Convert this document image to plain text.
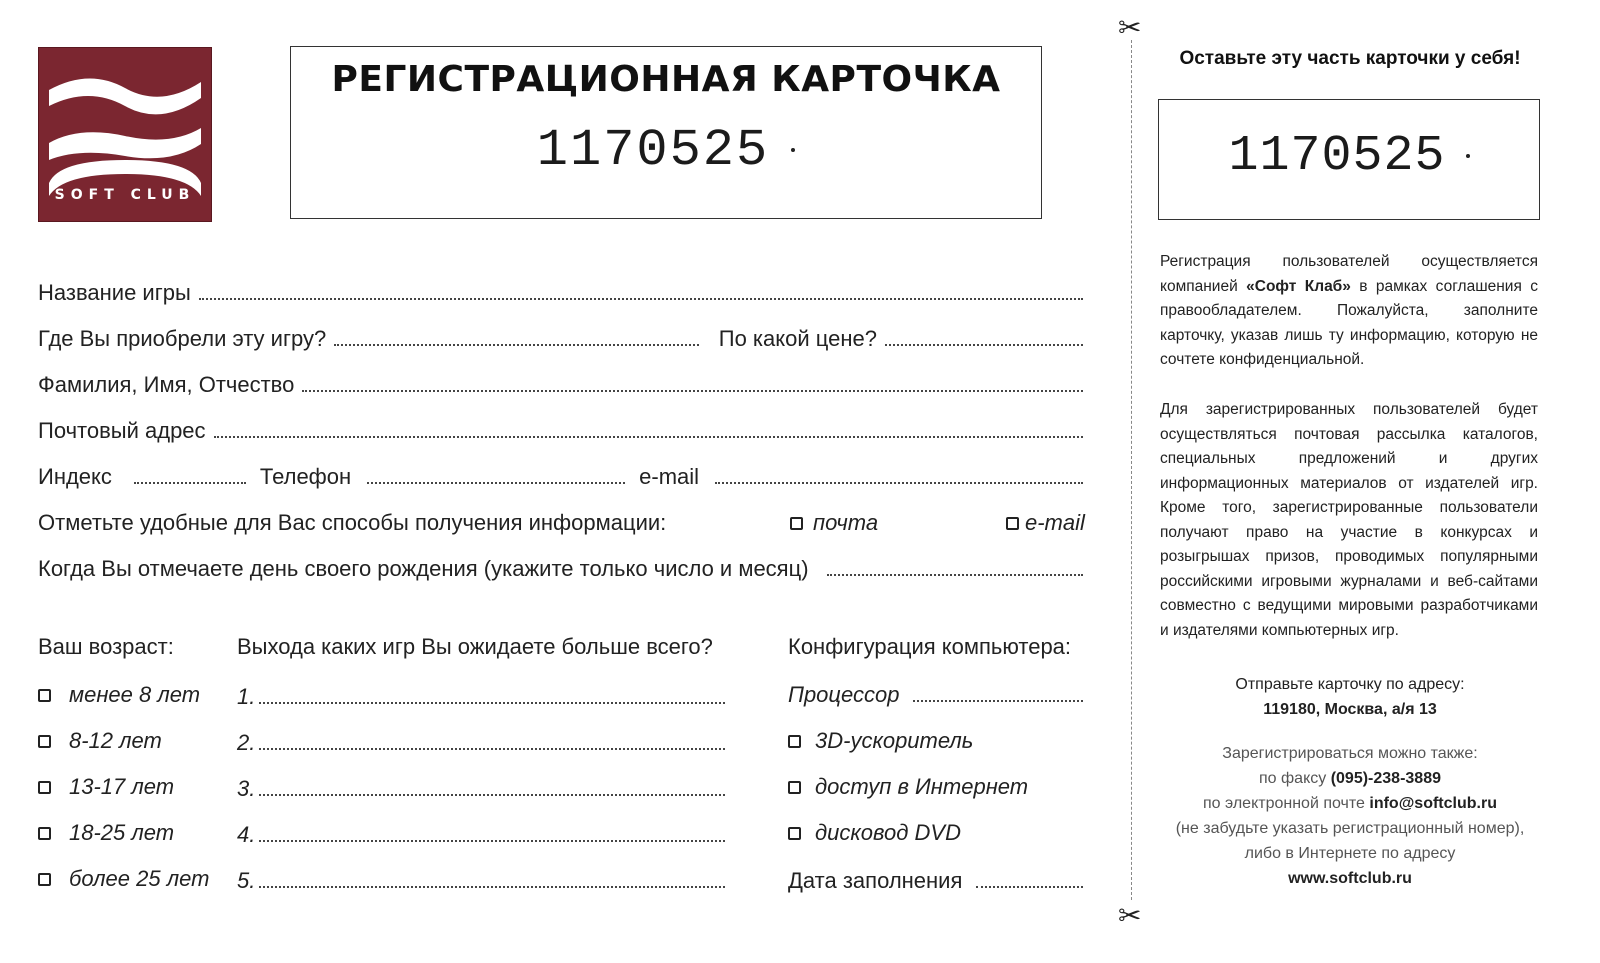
SOFT CLUB
РЕГИСТРАЦИОННАЯ КАРТОЧКА
1170525
Название игры
Где Вы приобрели эту игру?	По какой цене?
Фамилия, Имя, Отчество
Почтовый адрес
Индекс	Телефон	e-mail
Отметьте удобные для Вас способы получения информации:	почта	e-mail
Когда Вы отмечаете день своего рождения (укажите только число и месяц)
Ваш возраст:
менее 8 лет
8-12 лет
13-17 лет
18-25 лет
более 25 лет
Выхода каких игр Вы ожидаете больше всего?
1.
2.
3.
4.
5.
Конфигурация компьютера:
Процессор
3D-ускоритель
доступ в Интернет
дисковод DVD
Дата заполнения
✂
✂
Оставьте эту часть карточки у себя!
1170525
Регистрация пользователей осуществляется компанией «Софт Клаб» в рамках соглашения с правообладателем. Пожалуйста, заполните карточку, указав лишь ту информацию, которую не сочтете конфиденциальной.
Для зарегистрированных пользователей будет осуществляться почтовая рассылка каталогов, специальных предложений и других информационных материалов от издателей игр. Кроме того, зарегистрированные пользователи получают право на участие в конкурсах и розыгрышах призов, проводимых популярными российскими игровыми журналами и веб-сайтами совместно с ведущими мировыми разработчиками и издателями компьютерных игр.
Отправьте карточку по адресу:
119180, Москва, а/я 13
Зарегистрироваться можно также:
по факсу (095)-238-3889
по электронной почте info@softclub.ru
(не забудьте указать регистрационный номер),
либо в Интернете по адресу
www.softclub.ru
